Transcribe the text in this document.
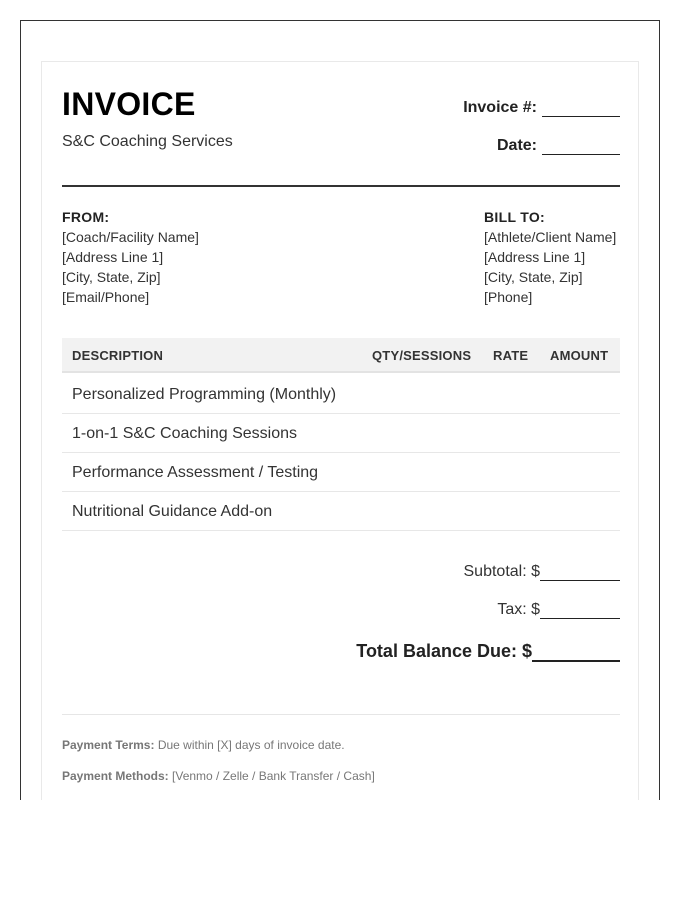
INVOICE
S&C Coaching Services
Invoice #:
Date:
FROM:
[Coach/Facility Name]
[Address Line 1]
[City, State, Zip]
[Email/Phone]
BILL TO:
[Athlete/Client Name]
[Address Line 1]
[City, State, Zip]
[Phone]
DESCRIPTION	QTY/SESSIONS RATE AMOUNT
Personalized Programming (Monthly)
1-on-1 S&C Coaching Sessions
Performance Assessment / Testing
Nutritional Guidance Add-on
Subtotal: $
Tax: $
Total Balance Due: $
Payment Terms: Due within [X] days of invoice date.
Payment Methods: [Venmo / Zelle / Bank Transfer / Cash]
